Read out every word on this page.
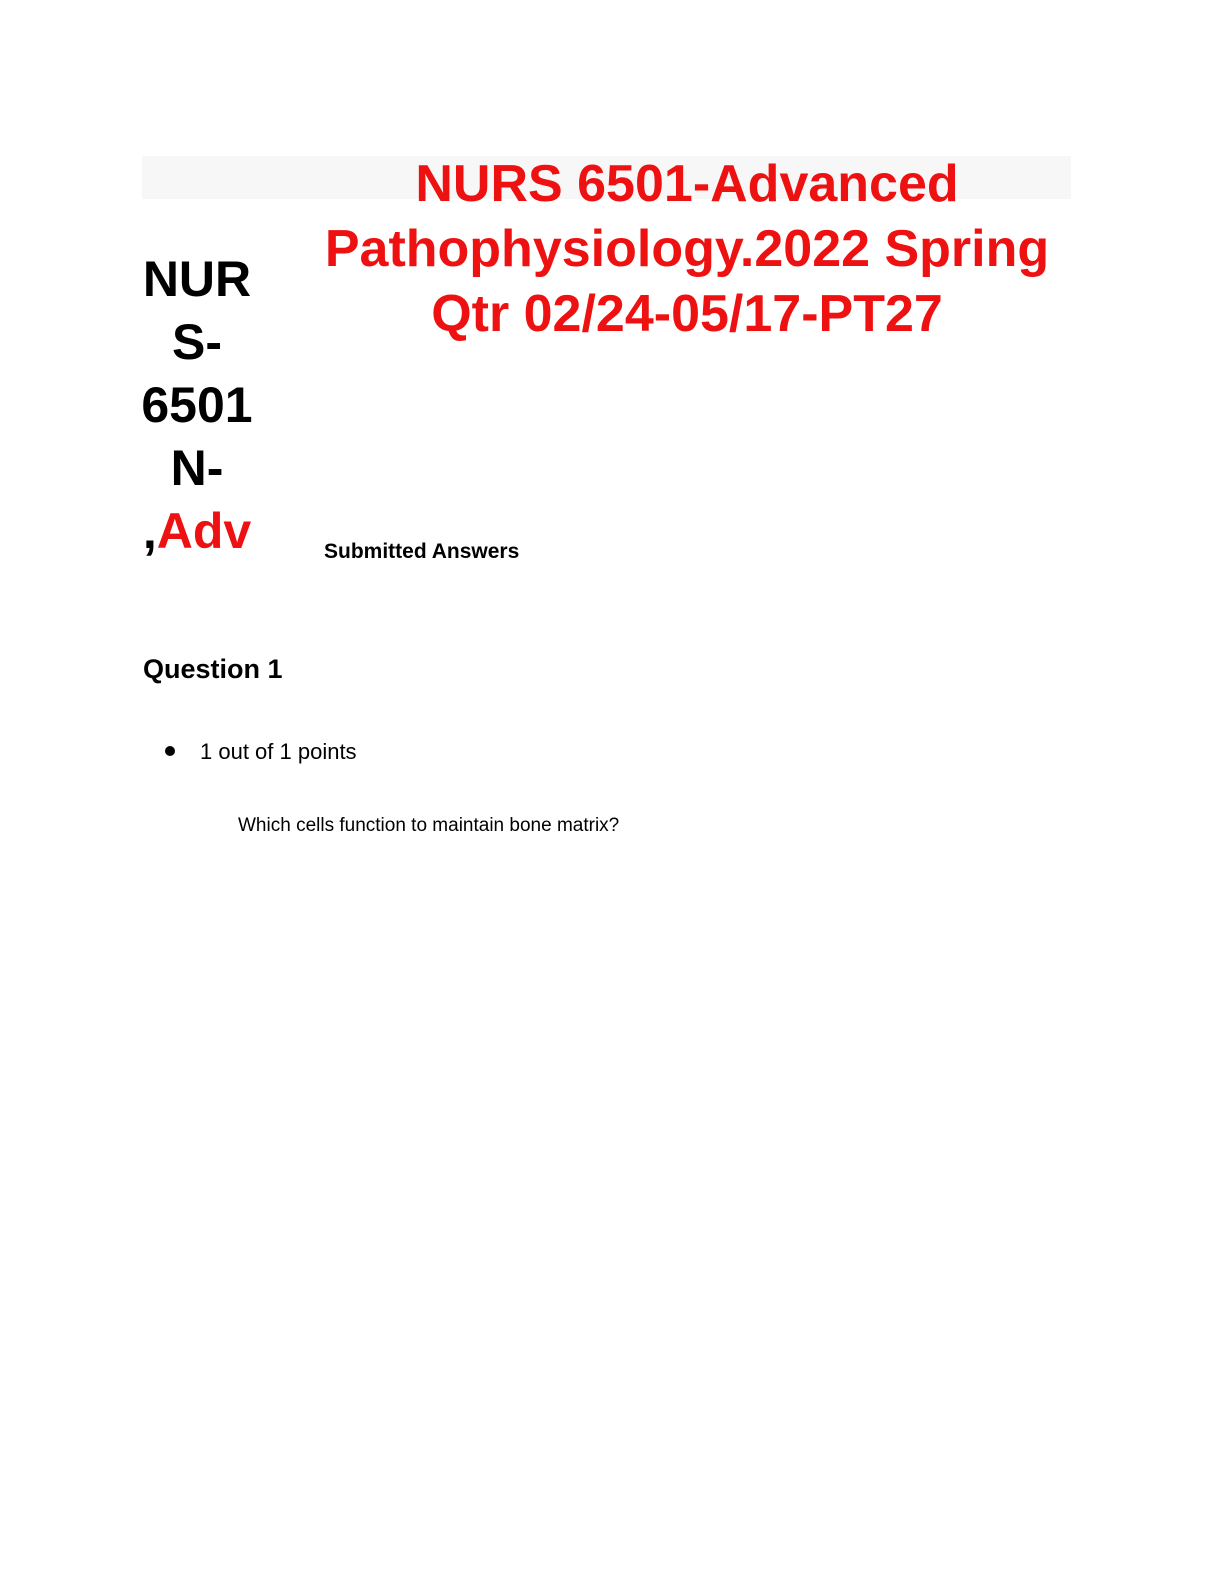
NURS 6501-Advanced
Pathophysiology.2022 Spring
Qtr 02/24-05/17-PT27
NUR
S-
6501
N-
,Adv	Submitted Answers

Question 1
1 out of 1 points

Which cells function to maintain bone matrix?
